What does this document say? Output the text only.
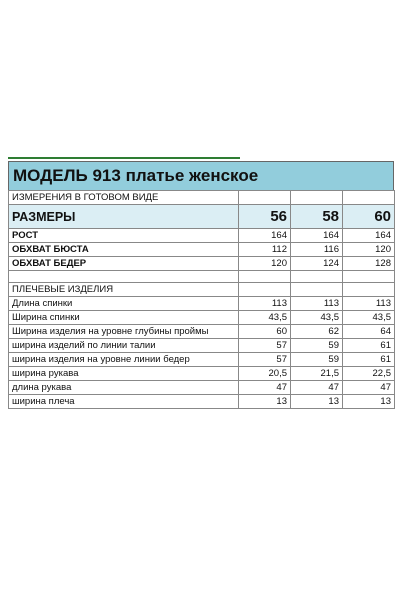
МОДЕЛЬ 913 платье женское
ИЗМЕРЕНИЯ В ГОТОВОМ ВИДЕ			
РАЗМЕРЫ	56	58	60
РОСТ	164	164	164
ОБХВАТ БЮСТА	112	116	120
ОБХВАТ БЕДЕР	120	124	128

ПЛЕЧЕВЫЕ ИЗДЕЛИЯ			
Длина спинки	113	113	113
Ширина спинки	43,5	43,5	43,5
Ширина изделия на уровне глубины проймы	60	62	64
ширина изделий по линии талии	57	59	61
ширина изделия на уровне линии бедер	57	59	61
ширина рукава	20,5	21,5	22,5
длина рукава	47	47	47
ширина плеча	13	13	13
